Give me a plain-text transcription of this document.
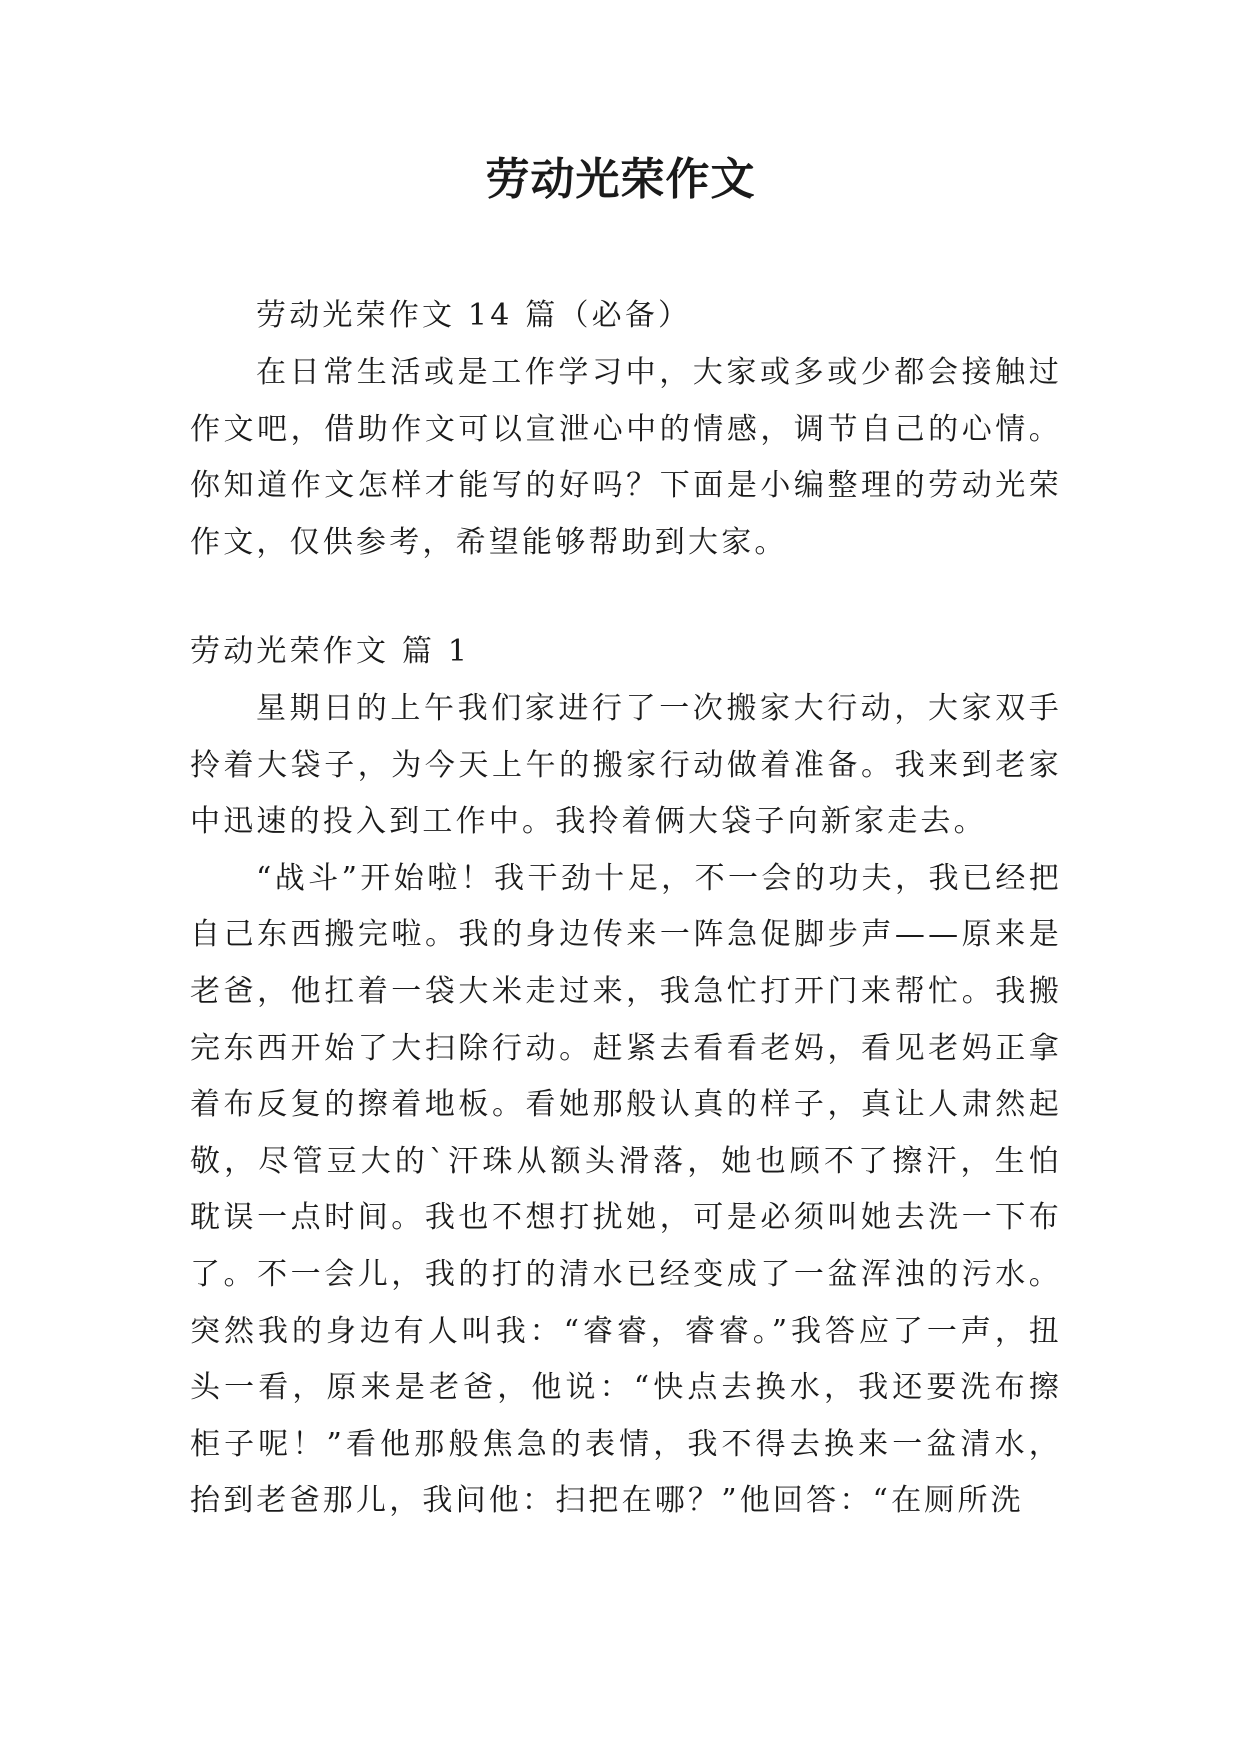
劳动光荣作文

劳动光荣作文 14 篇（必备）

在日常生活或是工作学习中，大家或多或少都会接触过作文吧，借助作文可以宣泄心中的情感，调节自己的心情。你知道作文怎样才能写的好吗？下面是小编整理的劳动光荣作文，仅供参考，希望能够帮助到大家。

劳动光荣作文 篇 1

星期日的上午我们家进行了一次搬家大行动，大家双手拎着大袋子，为今天上午的搬家行动做着准备。我来到老家中迅速的投入到工作中。我拎着俩大袋子向新家走去。

“战斗”开始啦！我干劲十足，不一会的功夫，我已经把自己东西搬完啦。我的身边传来一阵急促脚步声——原来是老爸，他扛着一袋大米走过来，我急忙打开门来帮忙。我搬完东西开始了大扫除行动。赶紧去看看老妈，看见老妈正拿着布反复的擦着地板。看她那般认真的样子，真让人肃然起敬，尽管豆大的`汗珠从额头滑落，她也顾不了擦汗，生怕耽误一点时间。我也不想打扰她，可是必须叫她去洗一下布了。不一会儿，我的打的清水已经变成了一盆浑浊的污水。突然我的身边有人叫我：“睿睿，睿睿。”我答应了一声，扭头一看，原来是老爸，他说：“快点去换水，我还要洗布擦柜子呢！”看他那般焦急的表情，我不得去换来一盆清水，抬到老爸那儿，我问他：扫把在哪？”他回答：“在厕所洗
